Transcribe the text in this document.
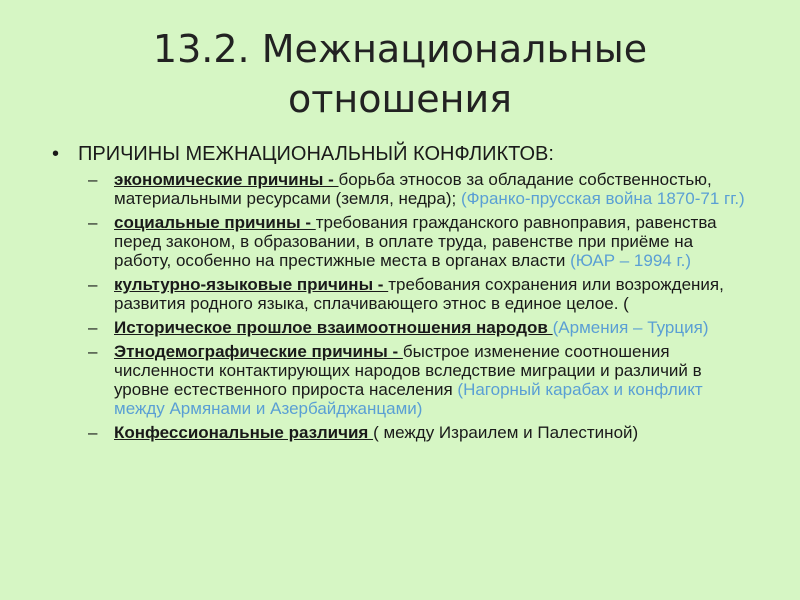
13.2. Межнациональные
отношения
• ПРИЧИНЫ МЕЖНАЦИОНАЛЬНЫЙ КОНФЛИКТОВ:
– экономические причины - борьба этносов за обладание собственностью, материальными ресурсами (земля, недра); (Франко-прусская война 1870-71 гг.)
– социальные причины - требования гражданского равноправия, равенства перед законом, в образовании, в оплате труда, равенстве при приёме на работу, особенно на престижные места в органах власти (ЮАР – 1994 г.)
– культурно-языковые причины - требования сохранения или возрождения, развития родного языка, сплачивающего этнос в единое целое. (
– Историческое прошлое взаимоотношения народов (Армения – Турция)
– Этнодемографические причины - быстрое изменение соотношения численности контактирующих народов вследствие миграции и различий в уровне естественного прироста населения (Нагорный карабах и конфликт между Армянами и Азербайджанцами)
– Конфессиональные различия ( между Израилем и Палестиной)
